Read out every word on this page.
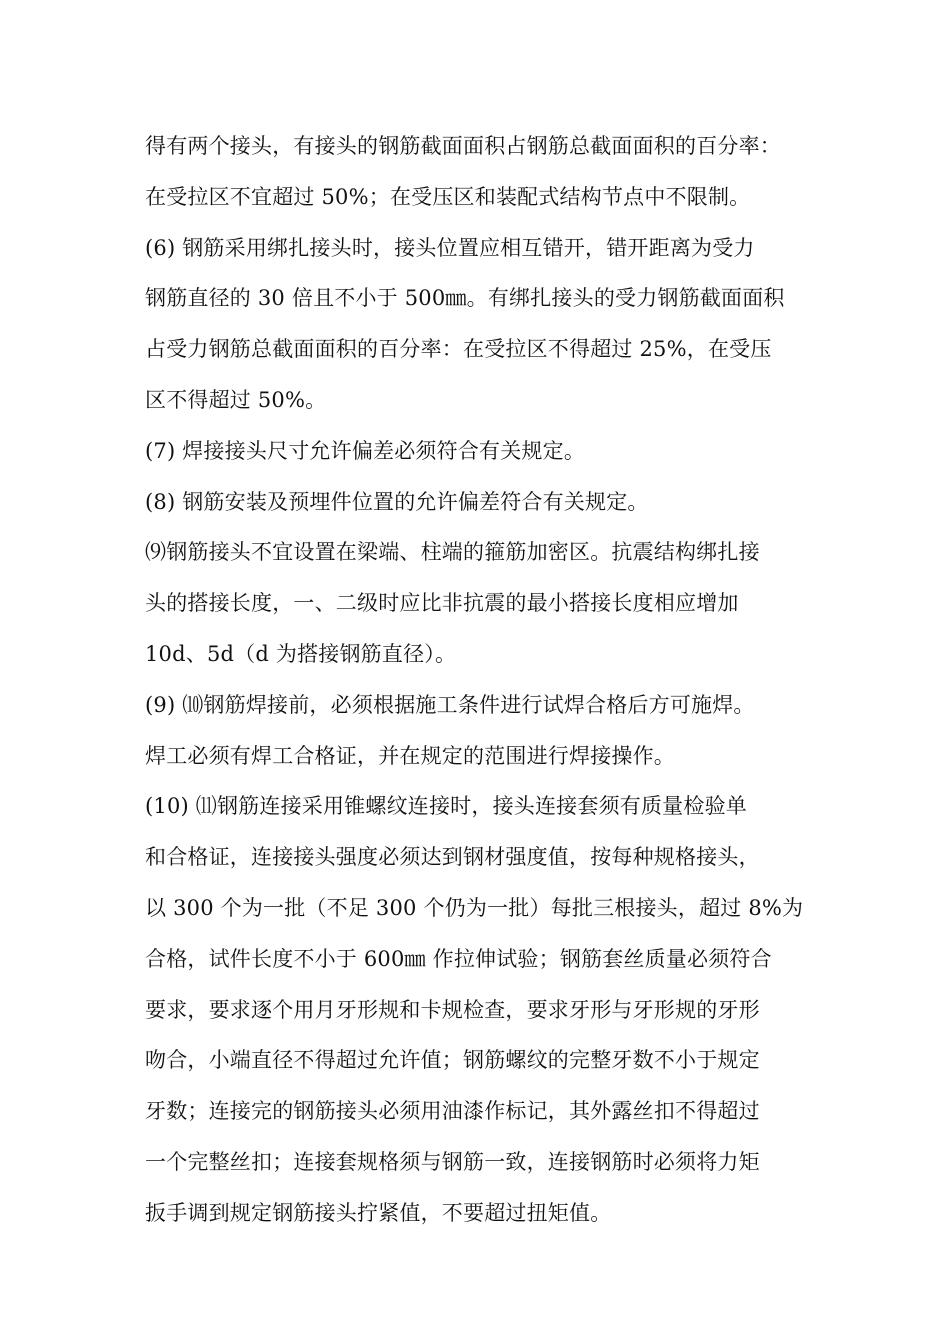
得有两个接头，有接头的钢筋截面面积占钢筋总截面面积的百分率：
在受拉区不宜超过 50%；在受压区和装配式结构节点中不限制。
(6) 钢筋采用绑扎接头时，接头位置应相互错开，错开距离为受力
钢筋直径的 30 倍且不小于 500㎜。有绑扎接头的受力钢筋截面面积
占受力钢筋总截面面积的百分率：在受拉区不得超过 25%，在受压
区不得超过 50%。
(7) 焊接接头尺寸允许偏差必须符合有关规定。
(8) 钢筋安装及预埋件位置的允许偏差符合有关规定。
⑼钢筋接头不宜设置在梁端、柱端的箍筋加密区。抗震结构绑扎接
头的搭接长度，一、二级时应比非抗震的最小搭接长度相应增加
10d、5d（d 为搭接钢筋直径）。
(9) ⑽钢筋焊接前，必须根据施工条件进行试焊合格后方可施焊。
焊工必须有焊工合格证，并在规定的范围进行焊接操作。
(10) ⑾钢筋连接采用锥螺纹连接时，接头连接套须有质量检验单
和合格证，连接接头强度必须达到钢材强度值，按每种规格接头，
以 300 个为一批（不足 300 个仍为一批）每批三根接头，超过 8%为
合格，试件长度不小于 600㎜ 作拉伸试验；钢筋套丝质量必须符合
要求，要求逐个用月牙形规和卡规检查，要求牙形与牙形规的牙形
吻合，小端直径不得超过允许值；钢筋螺纹的完整牙数不小于规定
牙数；连接完的钢筋接头必须用油漆作标记，其外露丝扣不得超过
一个完整丝扣；连接套规格须与钢筋一致，连接钢筋时必须将力矩
扳手调到规定钢筋接头拧紧值，不要超过扭矩值。
